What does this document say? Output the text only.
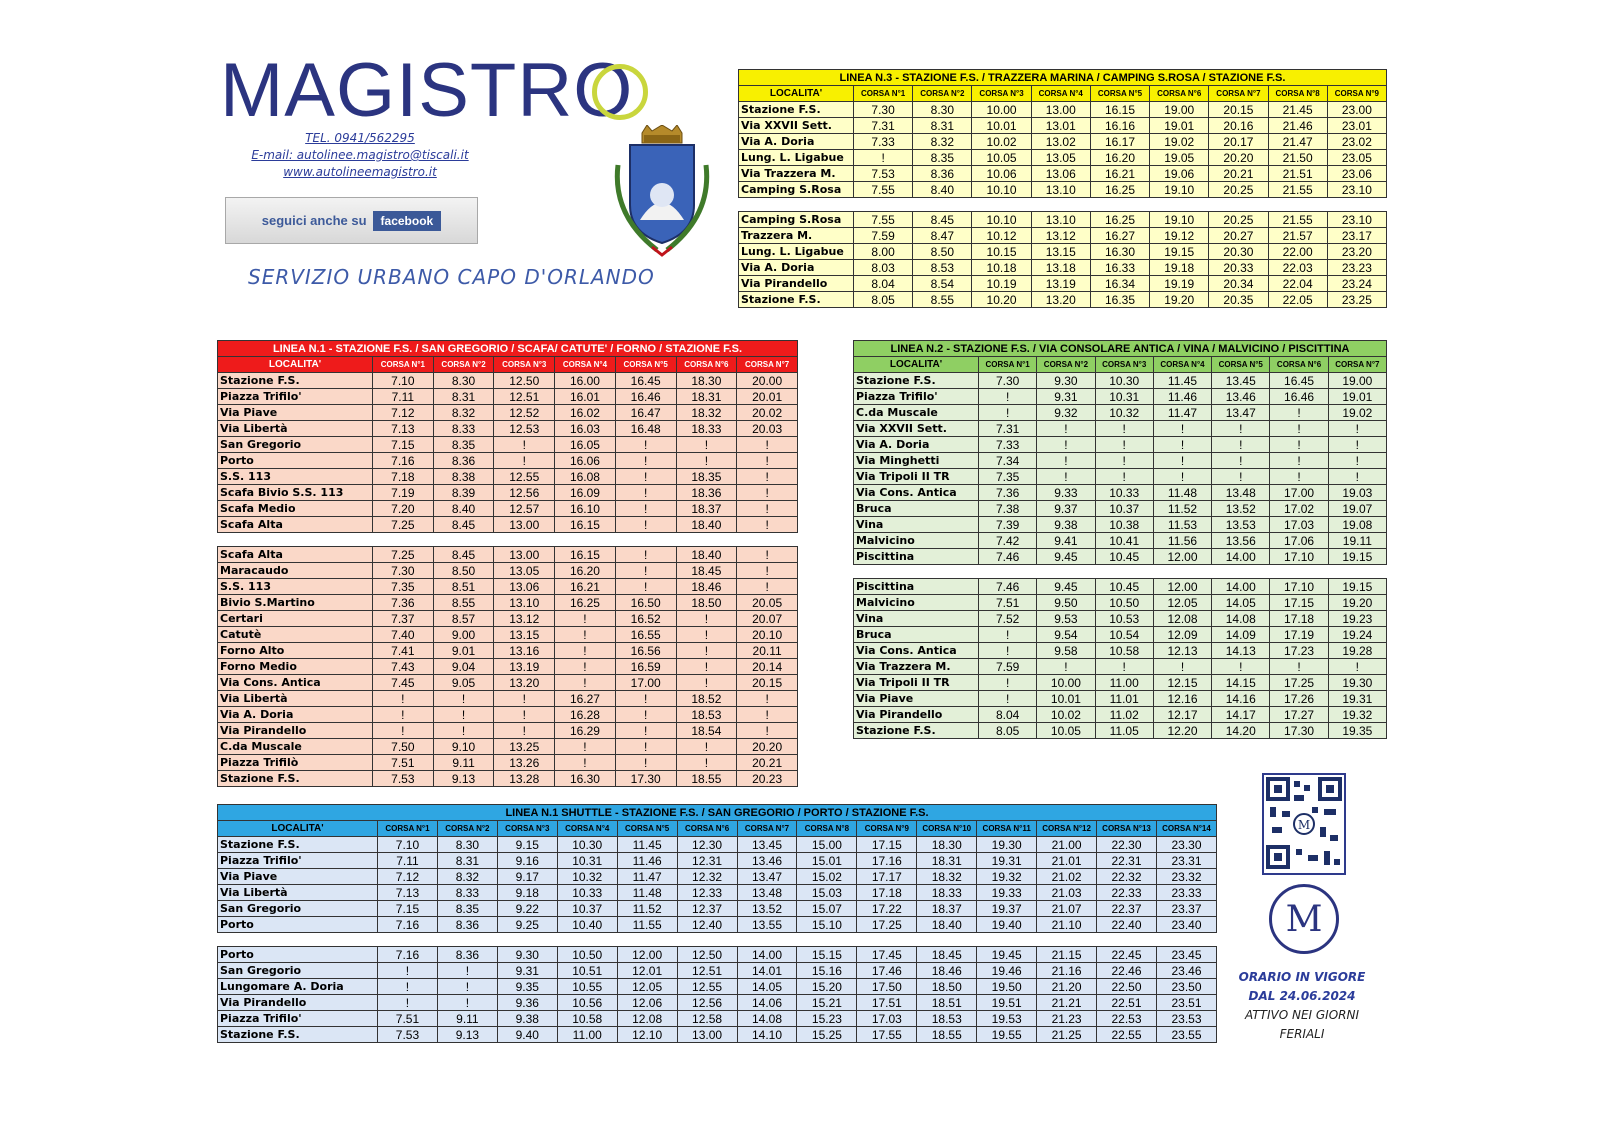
MAGISTRO
TEL. 0941/562295
E-mail: autolinee.magistro@tiscali.it
www.autolineemagistro.it
seguici anche su	facebook
SERVIZIO URBANO CAPO D'ORLANDO
LINEA N.3 - STAZIONE F.S. / TRAZZERA MARINA / CAMPING S.ROSA / STAZIONE F.S.									
LOCALITA'	CORSA N°1	CORSA N°2	CORSA N°3	CORSA N°4	CORSA N°5	CORSA N°6	CORSA N°7	CORSA N°8	CORSA N°9
Stazione F.S.	7.30	8.30	10.00	13.00	16.15	19.00	20.15	21.45	23.00
Via XXVII Sett.	7.31	8.31	10.01	13.01	16.16	19.01	20.16	21.46	23.01
Via A. Doria	7.33	8.32	10.02	13.02	16.17	19.02	20.17	21.47	23.02
Lung. L. Ligabue	!	8.35	10.05	13.05	16.20	19.05	20.20	21.50	23.05
Via Trazzera M.	7.53	8.36	10.06	13.06	16.21	19.06	20.21	21.51	23.06
Camping S.Rosa	7.55	8.40	10.10	13.10	16.25	19.10	20.25	21.55	23.10

Camping S.Rosa	7.55	8.45	10.10	13.10	16.25	19.10	20.25	21.55	23.10
Trazzera M.	7.59	8.47	10.12	13.12	16.27	19.12	20.27	21.57	23.17
Lung. L. Ligabue	8.00	8.50	10.15	13.15	16.30	19.15	20.30	22.00	23.20
Via A. Doria	8.03	8.53	10.18	13.18	16.33	19.18	20.33	22.03	23.23
Via Pirandello	8.04	8.54	10.19	13.19	16.34	19.19	20.34	22.04	23.24
Stazione F.S.	8.05	8.55	10.20	13.20	16.35	19.20	20.35	22.05	23.25
LINEA N.1 - STAZIONE F.S. / SAN GREGORIO / SCAFA/ CATUTE' / FORNO / STAZIONE F.S.							
LOCALITA'	CORSA N°1	CORSA N°2	CORSA N°3	CORSA N°4	CORSA N°5	CORSA N°6	CORSA N°7
Stazione F.S.	7.10	8.30	12.50	16.00	16.45	18.30	20.00
Piazza Trifilo'	7.11	8.31	12.51	16.01	16.46	18.31	20.01
Via Piave	7.12	8.32	12.52	16.02	16.47	18.32	20.02
Via Libertà	7.13	8.33	12.53	16.03	16.48	18.33	20.03
San Gregorio	7.15	8.35	!	16.05	!	!	!
Porto	7.16	8.36	!	16.06	!	!	!
S.S. 113	7.18	8.38	12.55	16.08	!	18.35	!
Scafa Bivio S.S. 113	7.19	8.39	12.56	16.09	!	18.36	!
Scafa Medio	7.20	8.40	12.57	16.10	!	18.37	!
Scafa Alta	7.25	8.45	13.00	16.15	!	18.40	!

Scafa Alta	7.25	8.45	13.00	16.15	!	18.40	!
Maracaudo	7.30	8.50	13.05	16.20	!	18.45	!
S.S. 113	7.35	8.51	13.06	16.21	!	18.46	!
Bivio S.Martino	7.36	8.55	13.10	16.25	16.50	18.50	20.05
Certari	7.37	8.57	13.12	!	16.52	!	20.07
Catutè	7.40	9.00	13.15	!	16.55	!	20.10
Forno Alto	7.41	9.01	13.16	!	16.56	!	20.11
Forno Medio	7.43	9.04	13.19	!	16.59	!	20.14
Via Cons. Antica	7.45	9.05	13.20	!	17.00	!	20.15
Via Libertà	!	!	!	16.27	!	18.52	!
Via A. Doria	!	!	!	16.28	!	18.53	!
Via Pirandello	!	!	!	16.29	!	18.54	!
C.da Muscale	7.50	9.10	13.25	!	!	!	20.20
Piazza Trifilò	7.51	9.11	13.26	!	!	!	20.21
Stazione F.S.	7.53	9.13	13.28	16.30	17.30	18.55	20.23
LINEA N.2 - STAZIONE F.S. / VIA CONSOLARE ANTICA / VINA / MALVICINO / PISCITTINA							
LOCALITA'	CORSA N°1	CORSA N°2	CORSA N°3	CORSA N°4	CORSA N°5	CORSA N°6	CORSA N°7
Stazione F.S.	7.30	9.30	10.30	11.45	13.45	16.45	19.00
Piazza Trifilo'	!	9.31	10.31	11.46	13.46	16.46	19.01
C.da Muscale	!	9.32	10.32	11.47	13.47	!	19.02
Via XXVII Sett.	7.31	!	!	!	!	!	!
Via A. Doria	7.33	!	!	!	!	!	!
Via Minghetti	7.34	!	!	!	!	!	!
Via Tripoli II TR	7.35	!	!	!	!	!	!
Via Cons. Antica	7.36	9.33	10.33	11.48	13.48	17.00	19.03
Bruca	7.38	9.37	10.37	11.52	13.52	17.02	19.07
Vina	7.39	9.38	10.38	11.53	13.53	17.03	19.08
Malvicino	7.42	9.41	10.41	11.56	13.56	17.06	19.11
Piscittina	7.46	9.45	10.45	12.00	14.00	17.10	19.15

Piscittina	7.46	9.45	10.45	12.00	14.00	17.10	19.15
Malvicino	7.51	9.50	10.50	12.05	14.05	17.15	19.20
Vina	7.52	9.53	10.53	12.08	14.08	17.18	19.23
Bruca	!	9.54	10.54	12.09	14.09	17.19	19.24
Via Cons. Antica	!	9.58	10.58	12.13	14.13	17.23	19.28
Via Trazzera M.	7.59	!	!	!	!	!	!
Via Tripoli II TR	!	10.00	11.00	12.15	14.15	17.25	19.30
Via Piave	!	10.01	11.01	12.16	14.16	17.26	19.31
Via Pirandello	8.04	10.02	11.02	12.17	14.17	17.27	19.32
Stazione F.S.	8.05	10.05	11.05	12.20	14.20	17.30	19.35
LINEA N.1 SHUTTLE - STAZIONE F.S. / SAN GREGORIO / PORTO / STAZIONE F.S.														
LOCALITA'	CORSA N°1	CORSA N°2	CORSA N°3	CORSA N°4	CORSA N°5	CORSA N°6	CORSA N°7	CORSA N°8	CORSA N°9	CORSA N°10	CORSA N°11	CORSA N°12	CORSA N°13	CORSA N°14
Stazione F.S.	7.10	8.30	9.15	10.30	11.45	12.30	13.45	15.00	17.15	18.30	19.30	21.00	22.30	23.30
Piazza Trifilo'	7.11	8.31	9.16	10.31	11.46	12.31	13.46	15.01	17.16	18.31	19.31	21.01	22.31	23.31
Via Piave	7.12	8.32	9.17	10.32	11.47	12.32	13.47	15.02	17.17	18.32	19.32	21.02	22.32	23.32
Via Libertà	7.13	8.33	9.18	10.33	11.48	12.33	13.48	15.03	17.18	18.33	19.33	21.03	22.33	23.33
San Gregorio	7.15	8.35	9.22	10.37	11.52	12.37	13.52	15.07	17.22	18.37	19.37	21.07	22.37	23.37
Porto	7.16	8.36	9.25	10.40	11.55	12.40	13.55	15.10	17.25	18.40	19.40	21.10	22.40	23.40

Porto	7.16	8.36	9.30	10.50	12.00	12.50	14.00	15.15	17.45	18.45	19.45	21.15	22.45	23.45
San Gregorio	!	!	9.31	10.51	12.01	12.51	14.01	15.16	17.46	18.46	19.46	21.16	22.46	23.46
Lungomare A. Doria	!	!	9.35	10.55	12.05	12.55	14.05	15.20	17.50	18.50	19.50	21.20	22.50	23.50
Via Pirandello	!	!	9.36	10.56	12.06	12.56	14.06	15.21	17.51	18.51	19.51	21.21	22.51	23.51
Piazza Trifilo'	7.51	9.11	9.38	10.58	12.08	12.58	14.08	15.23	17.03	18.53	19.53	21.23	22.53	23.53
Stazione F.S.	7.53	9.13	9.40	11.00	12.10	13.00	14.10	15.25	17.55	18.55	19.55	21.25	22.55	23.55
M
M
ORARIO IN VIGORE
DAL 24.06.2024
ATTIVO NEI GIORNI
FERIALI
